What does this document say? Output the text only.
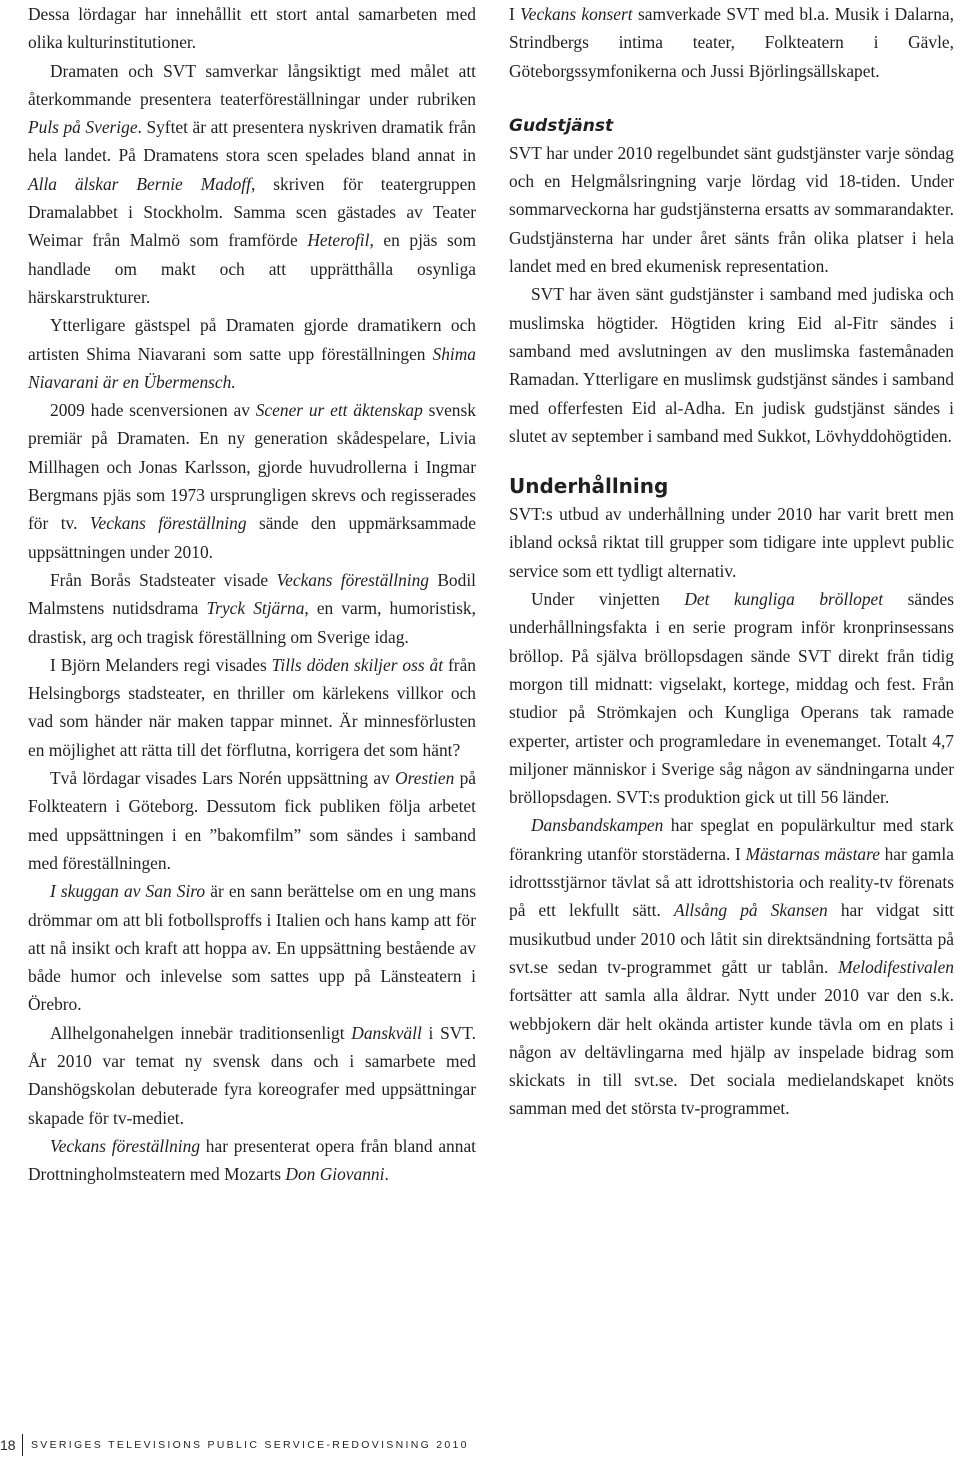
Dessa lördagar har innehållit ett stort antal samarbeten med olika kulturinstitutioner.

Dramaten och SVT samverkar långsiktigt med målet att återkommande presentera teaterföreställningar under rubriken Puls på Sverige. Syftet är att presentera nyskriven dramatik från hela landet. På Dramatens stora scen spelades bland annat in Alla älskar Bernie Madoff, skriven för teatergruppen Dramalabbet i Stockholm. Samma scen gästades av Teater Weimar från Malmö som framförde Heterofil, en pjäs som handlade om makt och att upprätthålla osynliga härskarstrukturer.

Ytterligare gästspel på Dramaten gjorde dramatikern och artisten Shima Niavarani som satte upp föreställningen Shima Niavarani är en Übermensch.

2009 hade scenversionen av Scener ur ett äktenskap svensk premiär på Dramaten. En ny generation skådespelare, Livia Millhagen och Jonas Karlsson, gjorde huvudrollerna i Ingmar Bergmans pjäs som 1973 ursprungligen skrevs och regisserades för tv. Veckans föreställning sände den uppmärksammade uppsättningen under 2010.

Från Borås Stadsteater visade Veckans föreställning Bodil Malmstens nutidsdrama Tryck Stjärna, en varm, humoristisk, drastisk, arg och tragisk föreställning om Sverige idag.

I Björn Melanders regi visades Tills döden skiljer oss åt från Helsingborgs stadsteater, en thriller om kärlekens villkor och vad som händer när maken tappar minnet. Är minnesförlusten en möjlighet att rätta till det förflutna, korrigera det som hänt?

Två lördagar visades Lars Norén uppsättning av Orestien på Folkteatern i Göteborg. Dessutom fick publiken följa arbetet med uppsättningen i en ”bakomfilm” som sändes i samband med föreställningen.

I skuggan av San Siro är en sann berättelse om en ung mans drömmar om att bli fotbollsproffs i Italien och hans kamp att för att nå insikt och kraft att hoppa av. En uppsättning bestående av både humor och inlevelse som sattes upp på Länsteatern i Örebro.

Allhelgonahelgen innebär traditionsenligt Danskväll i SVT. År 2010 var temat ny svensk dans och i samarbete med Danshögskolan debuterade fyra koreografer med uppsättningar skapade för tv-mediet.

Veckans föreställning har presenterat opera från bland annat Drottningholmsteatern med Mozarts Don Giovanni.

I Veckans konsert samverkade SVT med bl.a. Musik i Dalarna, Strindbergs intima teater, Folkteatern i Gävle, Göteborgssymfonikerna och Jussi Björlingsällskapet.

Gudstjänst

SVT har under 2010 regelbundet sänt gudstjänster varje söndag och en Helgmålsringning varje lördag vid 18-tiden. Under sommarveckorna har gudstjänsterna ersatts av sommarandakter. Gudstjänsterna har under året sänts från olika platser i hela landet med en bred ekumenisk representation.

SVT har även sänt gudstjänster i samband med judiska och muslimska högtider. Högtiden kring Eid al-Fitr sändes i samband med avslutningen av den muslimska fastemånaden Ramadan. Ytterligare en muslimsk gudstjänst sändes i samband med offerfesten Eid al-Adha. En judisk gudstjänst sändes i slutet av september i samband med Sukkot, Lövhyddohögtiden.

Underhållning

SVT:s utbud av underhållning under 2010 har varit brett men ibland också riktat till grupper som tidigare inte upplevt public service som ett tydligt alternativ.

Under vinjetten Det kungliga bröllopet sändes underhållningsfakta i en serie program inför kronprinsessans bröllop. På själva bröllopsdagen sände SVT direkt från tidig morgon till midnatt: vigselakt, kortege, middag och fest. Från studior på Strömkajen och Kungliga Operans tak ramade experter, artister och programledare in evenemanget. Totalt 4,7 miljoner människor i Sverige såg någon av sändningarna under bröllopsdagen. SVT:s produktion gick ut till 56 länder.

Dansbandskampen har speglat en populärkultur med stark förankring utanför storstäderna. I Mästarnas mästare har gamla idrottsstjärnor tävlat så att idrottshistoria och reality-tv förenats på ett lekfullt sätt. Allsång på Skansen har vidgat sitt musikutbud under 2010 och låtit sin direktsändning fortsätta på svt.se sedan tv-programmet gått ur tablån. Melodifestivalen fortsätter att samla alla åldrar. Nytt under 2010 var den s.k. webbjokern där helt okända artister kunde tävla om en plats i någon av deltävlingarna med hjälp av inspelade bidrag som skickats in till svt.se. Det sociala medielandskapet knöts samman med det största tv-programmet.

18	SVERIGES TELEVISIONS PUBLIC SERVICE-REDOVISNING 2010
